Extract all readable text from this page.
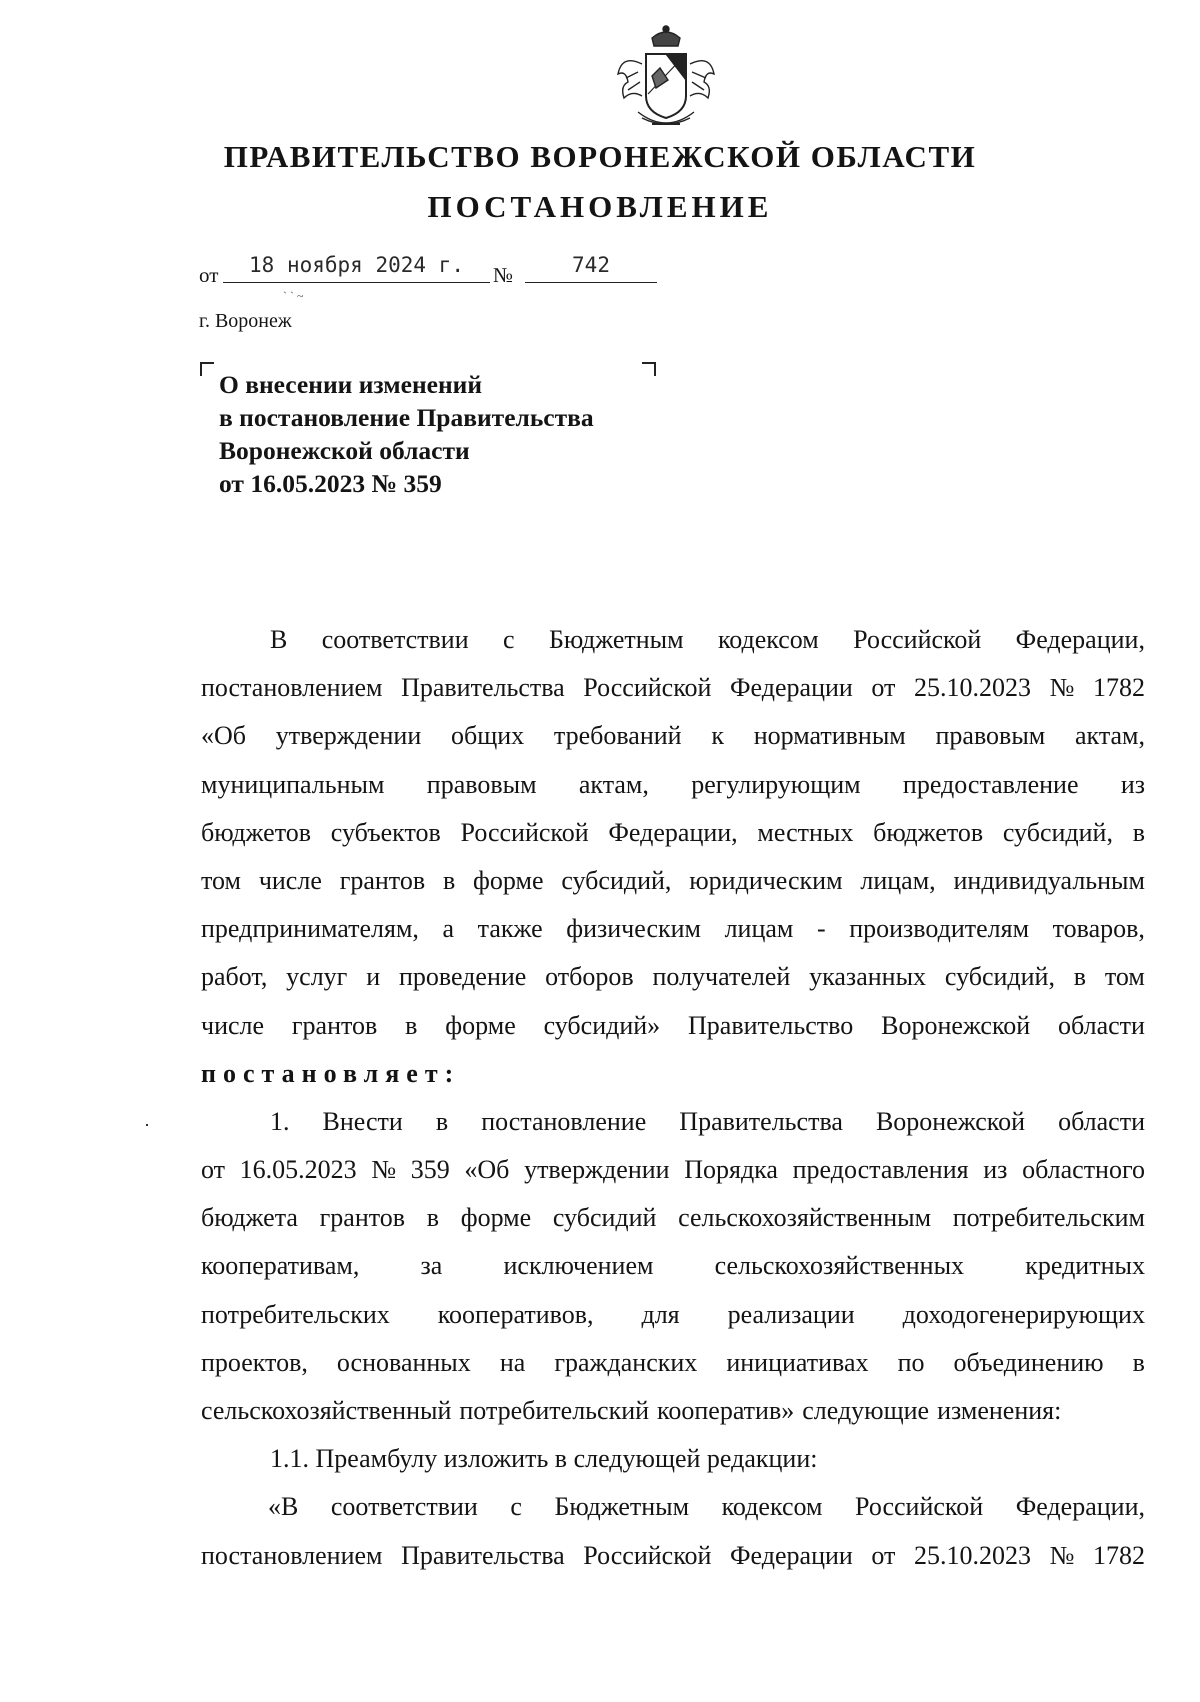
ПРАВИТЕЛЬСТВО ВОРОНЕЖСКОЙ ОБЛАСТИ
ПОСТАНОВЛЕНИЕ
от	18 ноября 2024 г.	№	742
` ` ~
г. Воронеж
О внесении изменений
в постановление Правительства
Воронежской области
от 16.05.2023 № 359
В соответствии с Бюджетным кодексом Российской Федерации,
постановлением Правительства Российской Федерации от 25.10.2023 № 1782
«Об утверждении общих требований к нормативным правовым актам,
муниципальным правовым актам, регулирующим предоставление из
бюджетов субъектов Российской Федерации, местных бюджетов субсидий, в
том числе грантов в форме субсидий, юридическим лицам, индивидуальным
предпринимателям, а также физическим лицам - производителям товаров,
работ, услуг и проведение отборов получателей указанных субсидий, в том
числе грантов в форме субсидий» Правительство Воронежской области
постановляет:
1. Внести в постановление Правительства Воронежской области
от 16.05.2023 № 359 «Об утверждении Порядка предоставления из областного
бюджета грантов в форме субсидий сельскохозяйственным потребительским
кооперативам, за исключением сельскохозяйственных кредитных
потребительских кооперативов, для реализации доходогенерирующих
проектов, основанных на гражданских инициативах по объединению в
сельскохозяйственный потребительский кооператив» следующие изменения:
1.1. Преамбулу изложить в следующей редакции:
«В соответствии с Бюджетным кодексом Российской Федерации,
постановлением Правительства Российской Федерации от 25.10.2023 № 1782
